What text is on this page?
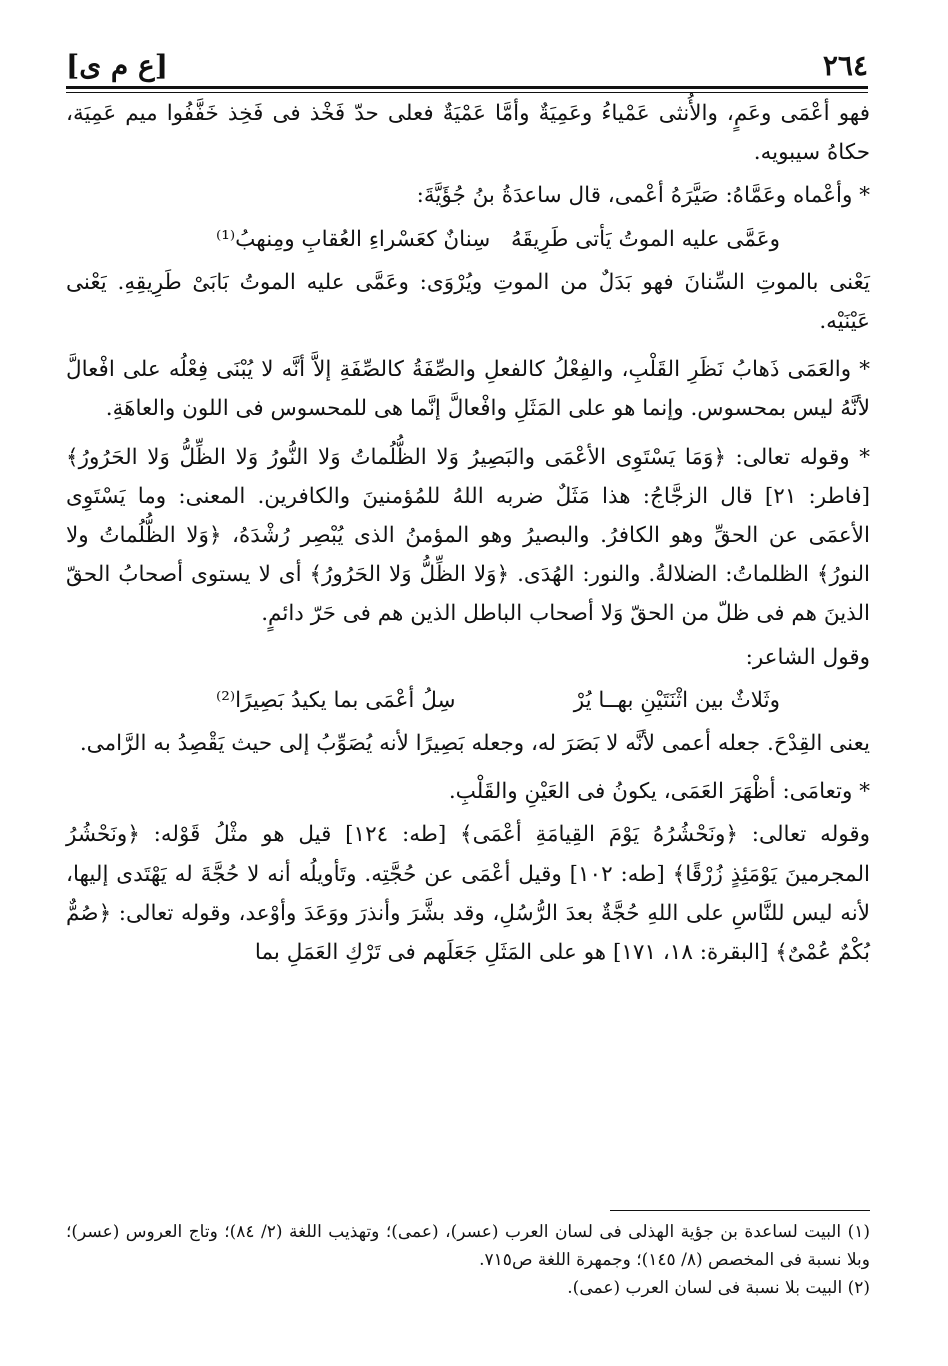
[ع م ى]	٢٦٤

فهو أعْمَى وعَمٍ، والأُنثى عَمْياءُ وعَمِيَةٌ وأمَّا عَمْيَةٌ فعلى حدّ فَخْذ فى فَخِذ خَفَّفُوا ميم عَمِيَة، حكاهُ سيبويه.

* وأعْماه وعَمَّاهُ: صَيَّرَهُ أعْمى، قال ساعدَةُ بنُ جُؤَيَّةَ:

وعَمَّى عليه الموتُ يَأتى طَرِيقَهُ
سِنانٌ كعَسْراءِ العُقابِ ومِنهبُ⁽¹⁾

يَعْنى بالموتِ السِّنانَ فهو بَدَلٌ من الموتِ ويُرْوَى: وعَمَّى عليه الموتُ بَابَىْ طَرِيقِهِ. يَعْنى عَيْنَيْه.

* والعَمَى ذَهابُ نَظَرِ القَلْبِ، والفِعْلُ كالفعلِ والصِّفَةُ كالصِّفَةِ إلاَّ أنَّه لا يُبْنَى فِعْلُه على افْعالَّ لأنَّهُ ليس بمحسوس. وإنما هو على المَثَلِ وافْعالَّ إنَّما هى للمحسوس فى اللون والعاهَةِ.

* وقوله تعالى: ﴿وَمَا يَسْتَوِى الأعْمَى والبَصِيرُ وَلا الظُّلُماتُ وَلا النُّورُ وَلا الظِّلُّ وَلا الحَرُورُ﴾ [فاطر: ٢١] قال الزجَّاجُ: هذا مَثَلٌ ضربه اللهُ للمُؤمنينَ والكافرين. المعنى: وما يَسْتَوِى الأعمَى عن الحقِّ وهو الكافرُ. والبصيرُ وهو المؤمنُ الذى يُبْصِر رُشْدَهُ، ﴿وَلا الظُّلُماتُ ولا النورُ﴾ الظلماتُ: الضلالةُ. والنور: الهُدَى. ﴿وَلا الظِّلُّ وَلا الحَرُورُ﴾ أى لا يستوى أصحابُ الحقّ الذينَ هم فى ظلّ من الحقّ وَلا أصحاب الباطل الذين هم فى حَرّ دائمٍ.

وقول الشاعر:

وثَلاثٌ بين اثْنَتَيْنِ بهــا يُرْ
سِلُ أعْمَى بما يكيدُ بَصِيرًا⁽²⁾

يعنى القِدْحَ. جعله أعمى لأنَّه لا بَصَرَ له، وجعله بَصِيرًا لأنه يُصَوِّبُ إلى حيث يَقْصِدُ به الرَّامى.

* وتعامَى: أظْهَرَ العَمَى، يكونُ فى العَيْنِ والقَلْبِ.

وقوله تعالى: ﴿ونَحْشُرُهُ يَوْمَ القِيامَةِ أعْمَى﴾ [طه: ١٢٤] قيل هو مثْلُ قَوْله: ﴿ونَحْشُرُ المجرمينَ يَوْمَئِذٍ زُرْقًا﴾ [طه: ١٠٢] وقيل أعْمَى عن حُجَّتِه. وتَأويلُه أنه لا حُجَّةَ له يَهْتَدى إليها، لأنه ليس للنَّاسِ على اللهِ حُجَّةٌ بعدَ الرُّسُلِ، وقد بشَّرَ وأنذرَ ووَعَدَ وأوْعد، وقوله تعالى: ﴿صُمٌّ بُكْمٌ عُمْىٌ﴾ [البقرة: ١٨، ١٧١] هو على المَثَلِ جَعَلَهم فى تَرْكِ العَمَلِ بما

(١) البيت لساعدة بن جؤية الهذلى فى لسان العرب (عسر)، (عمى)؛ وتهذيب اللغة (٢/ ٨٤)؛ وتاج العروس (عسر)؛ وبلا نسبة فى المخصص (٨/ ١٤٥)؛ وجمهرة اللغة ص٧١٥.

(٢) البيت بلا نسبة فى لسان العرب (عمى).
